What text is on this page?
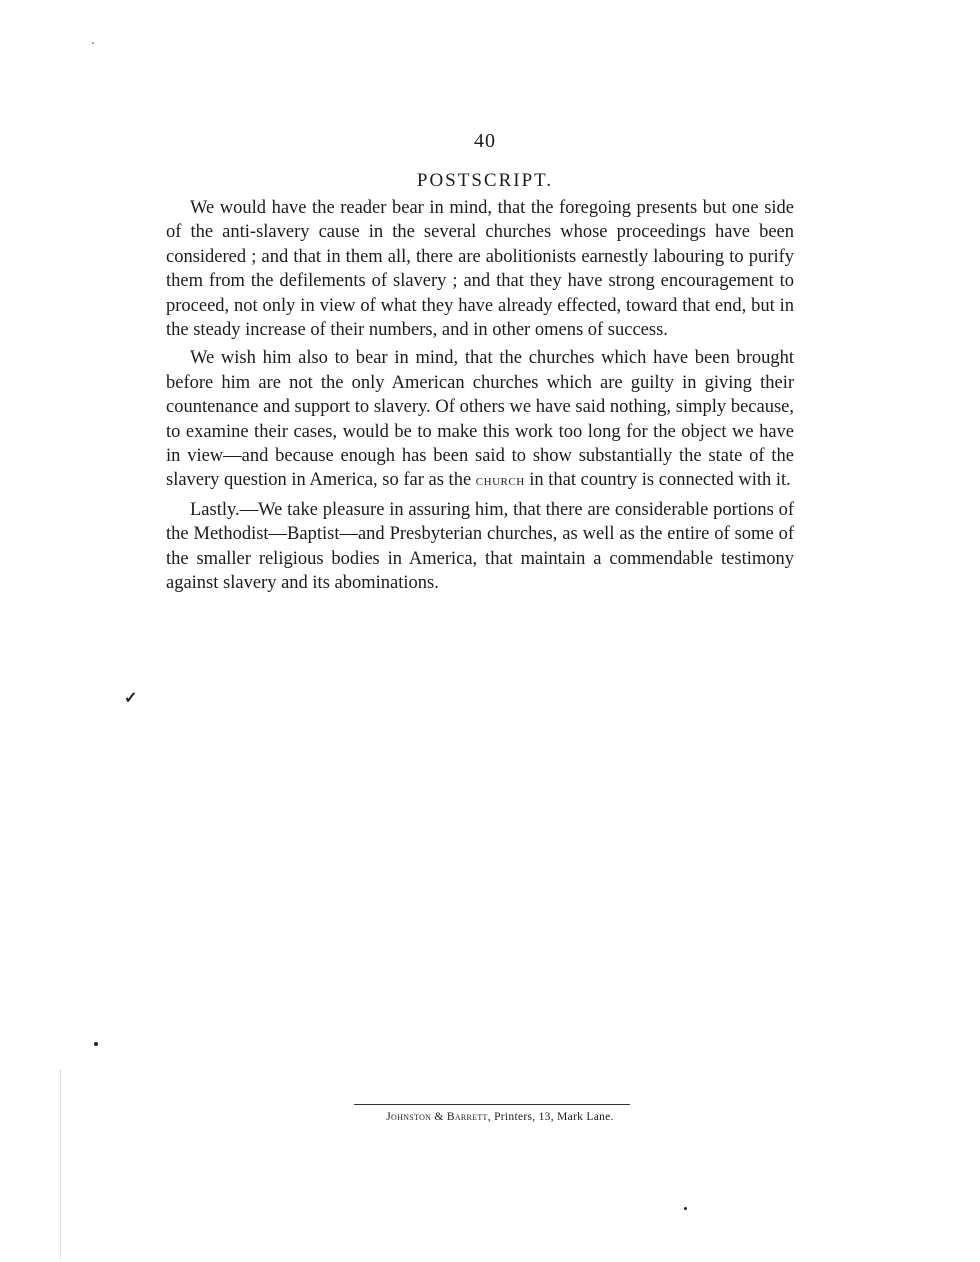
40
POSTSCRIPT.

We would have the reader bear in mind, that the foregoing presents but one side of the anti-slavery cause in the several churches whose proceedings have been considered ; and that in them all, there are abolitionists earnestly labouring to purify them from the defilements of slavery ; and that they have strong encouragement to proceed, not only in view of what they have already effected, toward that end, but in the steady increase of their numbers, and in other omens of success.

We wish him also to bear in mind, that the churches which have been brought before him are not the only American churches which are guilty in giving their countenance and support to slavery. Of others we have said nothing, simply because, to examine their cases, would be to make this work too long for the object we have in view—and because enough has been said to show substantially the state of the slavery question in America, so far as the church in that country is connected with it.

Lastly.—We take pleasure in assuring him, that there are considerable portions of the Methodist—Baptist—and Presbyterian churches, as well as the entire of some of the smaller religious bodies in America, that maintain a commendable testimony against slavery and its abominations.

Johnston & Barrett, Printers, 13, Mark Lane.
✓
